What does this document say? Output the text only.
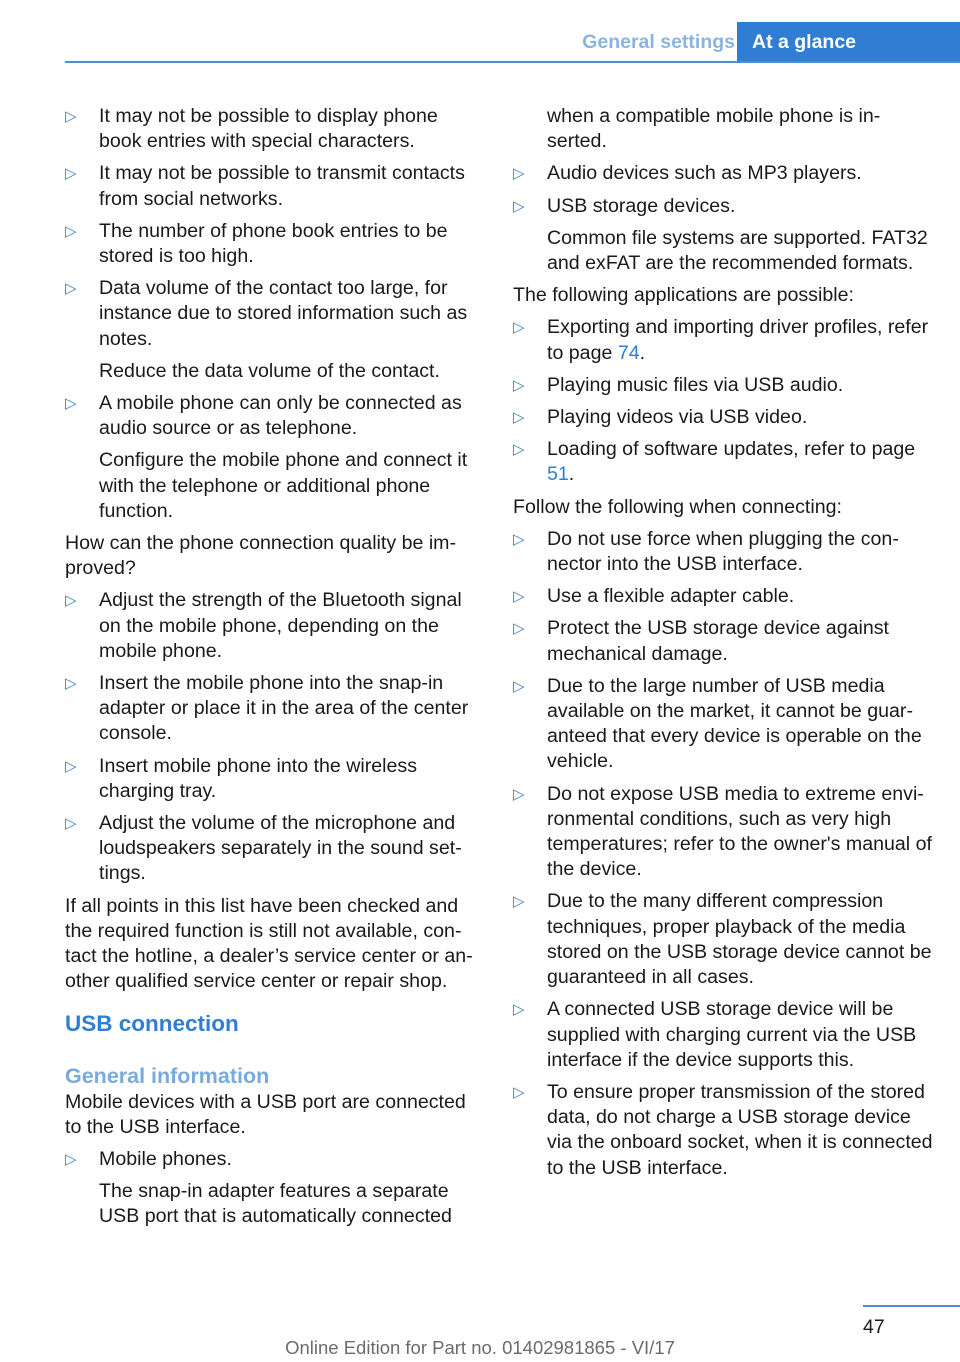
General settings At a glance
▷ It may not be possible to display phone book entries with special characters.
▷ It may not be possible to transmit contacts from social networks.
▷ The number of phone book entries to be stored is too high.
▷ Data volume of the contact too large, for instance due to stored information such as notes.
Reduce the data volume of the contact.
▷ A mobile phone can only be connected as audio source or as telephone.
Configure the mobile phone and connect it with the telephone or additional phone function.

How can the phone connection quality be improved?

▷ Adjust the strength of the Bluetooth signal on the mobile phone, depending on the mobile phone.
▷ Insert the mobile phone into the snap-in adapter or place it in the area of the center console.
▷ Insert mobile phone into the wireless charging tray.
▷ Adjust the volume of the microphone and loudspeakers separately in the sound settings.

If all points in this list have been checked and the required function is still not available, contact the hotline, a dealer’s service center or another qualified service center or repair shop.

USB connection
General information

Mobile devices with a USB port are connected to the USB interface.

▷ Mobile phones.
The snap-in adapter features a separate USB port that is automatically connected
when a compatible mobile phone is inserted.
▷ Audio devices such as MP3 players.
▷ USB storage devices.
Common file systems are supported. FAT32 and exFAT are the recommended formats.

The following applications are possible:

▷ Exporting and importing driver profiles, refer to page 74.
▷ Playing music files via USB audio.
▷ Playing videos via USB video.
▷ Loading of software updates, refer to page 51.

Follow the following when connecting:

▷ Do not use force when plugging the connector into the USB interface.
▷ Use a flexible adapter cable.
▷ Protect the USB storage device against mechanical damage.
▷ Due to the large number of USB media available on the market, it cannot be guaranteed that every device is operable on the vehicle.
▷ Do not expose USB media to extreme environmental conditions, such as very high temperatures; refer to the owner's manual of the device.
▷ Due to the many different compression techniques, proper playback of the media stored on the USB storage device cannot be guaranteed in all cases.
▷ A connected USB storage device will be supplied with charging current via the USB interface if the device supports this.
▷ To ensure proper transmission of the stored data, do not charge a USB storage device via the onboard socket, when it is connected to the USB interface.
47
Online Edition for Part no. 01402981865 - VI/17
